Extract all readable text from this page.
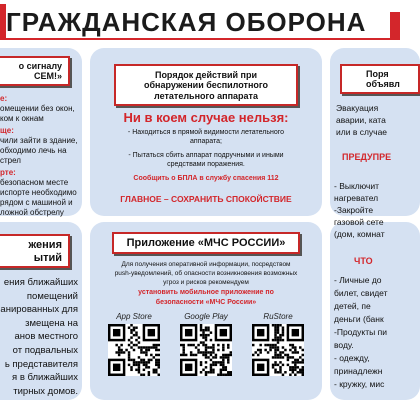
ГРАЖДАНСКАЯ ОБОРОНА
о сигналу
СЕМ!»
е:
омещении без окон,
ком к окнам
ще:
чили зайти в здание,
обходимо лечь на
стрел
рте:
безопасном месте
испорте необходимо
рядом с машиной и
ложной обстрелу
жения
ытий
ения ближайших
помещений
анированных для
змещена на
анов местного
от подвальных
ь представителя
я в ближайших
тирных домов.
Порядок действий при
обнаружении беспилотного
летательного аппарата
Ни в коем случае нельзя:
- Находиться в прямой видимости летательного
аппарата;
- Пытаться сбить аппарат подручными и иными
средствами поражения.
Сообщить о БПЛА в службу спасения 112
ГЛАВНОЕ – СОХРАНИТЬ СПОКОЙСТВИЕ
Приложение «МЧС РОССИИ»
Для получения оперативной информации, посредством
push-уведомлений, об опасности возникновения возможных
угроз и рисков рекомендуем
установить мобильное приложение по
безопасности «МЧС России»
App Store	Google Play	RuStore
Поря
объявл
Эвакуация
аварии, ката
или в случае
ПРЕДУПРЕ
- Выключит
нагревател
-Закройте
газовой сете
(дом, комнат
ЧТО
- Личные до
билет, свидет
детей, пе
деньги (банк
-Продукты пи
воду.
- одежду,
принадлежн
- кружку, мис
